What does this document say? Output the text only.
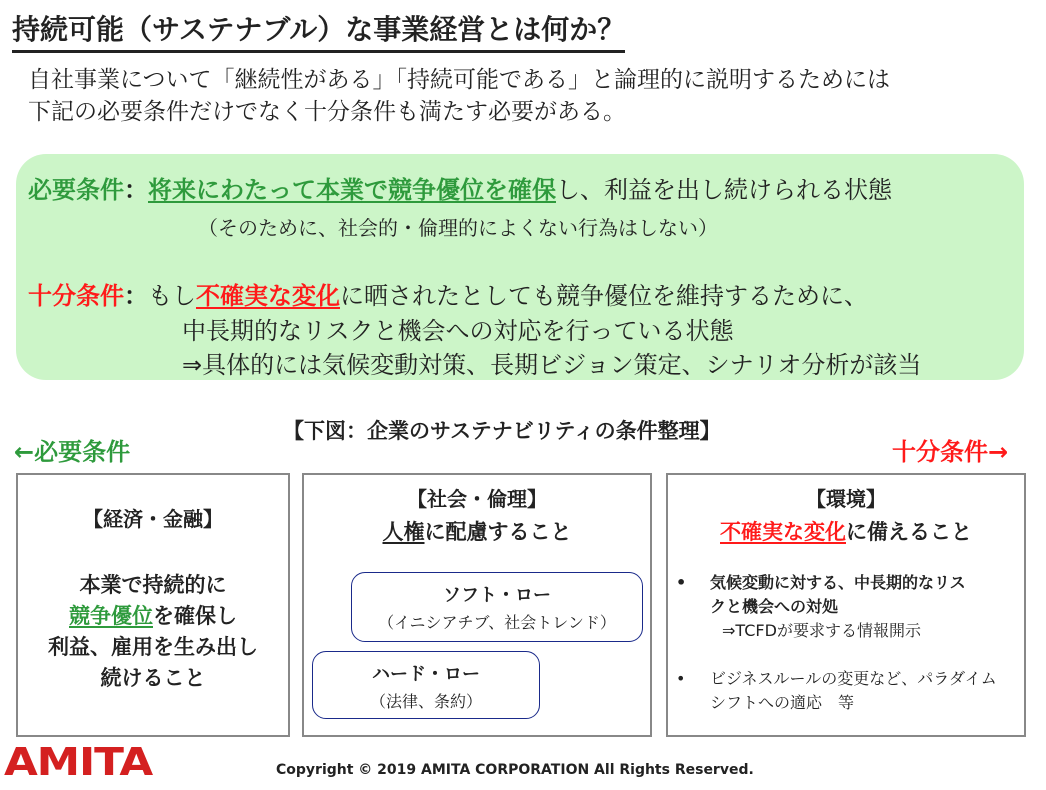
持続可能（サステナブル）な事業経営とは何か？
自社事業について「継続性がある」「持続可能である」と論理的に説明するためには
下記の必要条件だけでなく十分条件も満たす必要がある。
必要条件：将来にわたって本業で競争優位を確保し、利益を出し続けられる状態
（そのために、社会的・倫理的によくない行為はしない）
十分条件：もし不確実な変化に晒されたとしても競争優位を維持するために、
中長期的なリスクと機会への対応を行っている状態
⇒具体的には気候変動対策、長期ビジョン策定、シナリオ分析が該当
【下図：企業のサステナビリティの条件整理】
←必要条件	十分条件→
【経済・金融】
本業で持続的に
競争優位を確保し
利益、雇用を生み出し
続けること
【社会・倫理】
人権に配慮すること
ソフト・ロー
（イニシアチブ、社会トレンド）
ハード・ロー
（法律、条約）
【環境】
不確実な変化に備えること
• 気候変動に対する、中長期的なリス
クと機会への対処
⇒TCFDが要求する情報開示
• ビジネスルールの変更など、パラダイム
シフトへの適応　等
AMITA	Copyright © 2019 AMITA CORPORATION All Rights Reserved.
